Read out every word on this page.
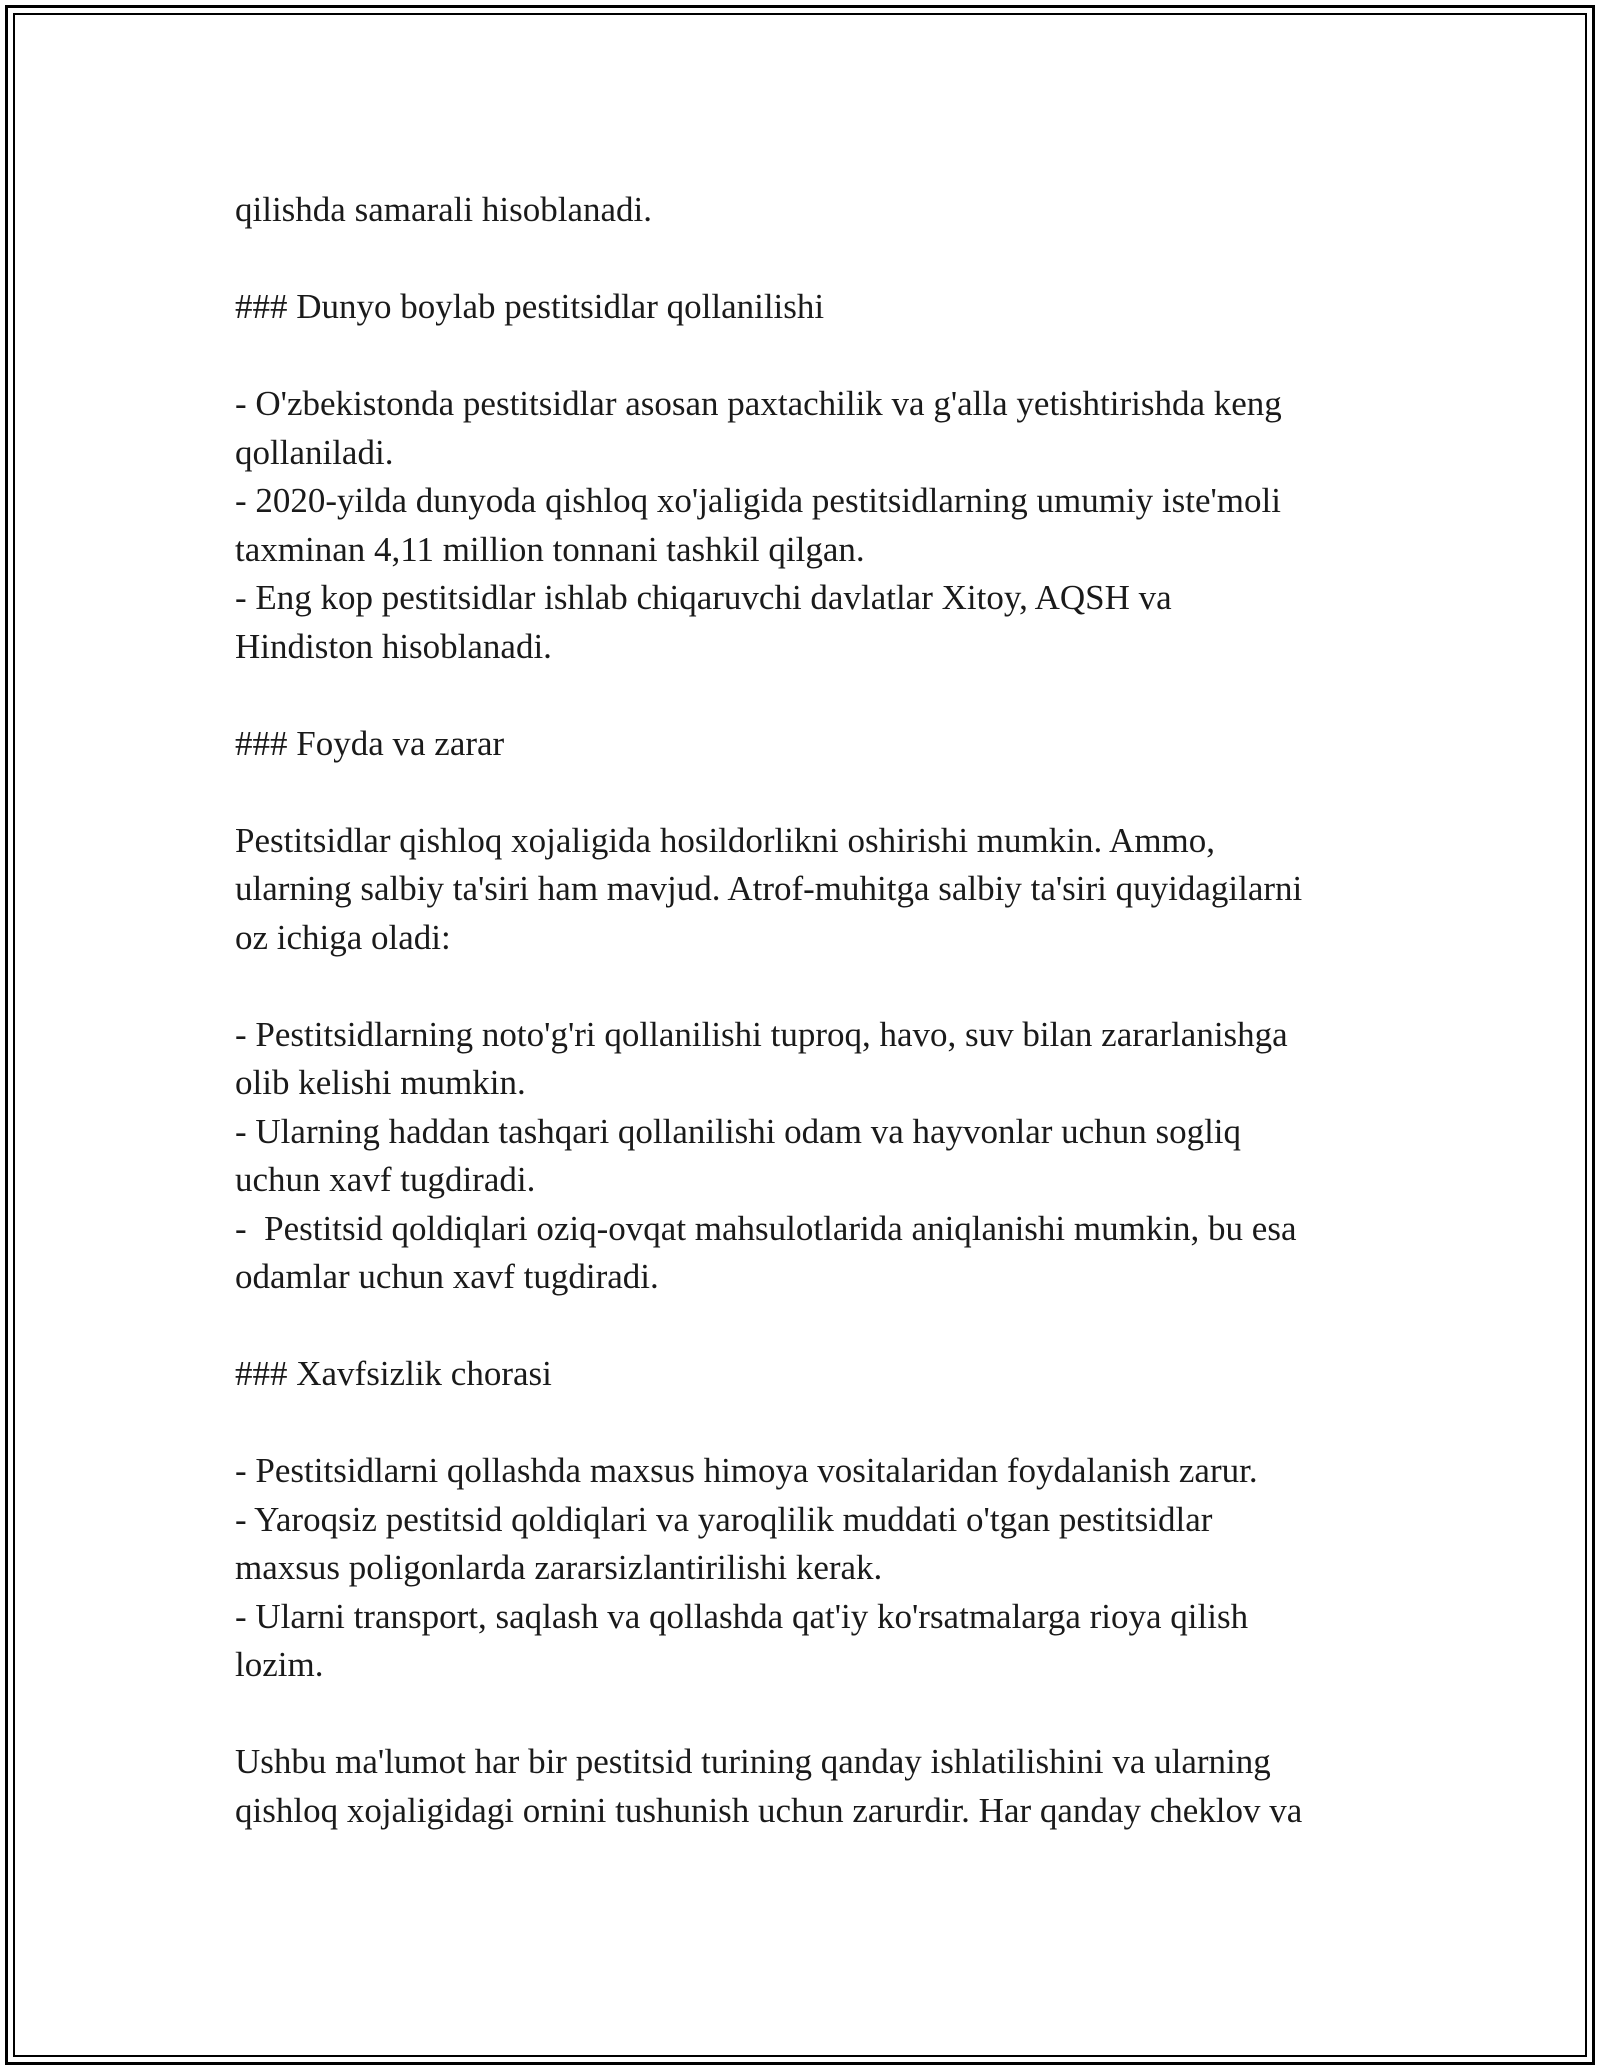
qilishda samarali hisoblanadi.
### Dunyo boylab pestitsidlar qollanilishi
- O'zbekistonda pestitsidlar asosan paxtachilik va g'alla yetishtirishda keng
qollaniladi.
- 2020-yilda dunyoda qishloq xo'jaligida pestitsidlarning umumiy iste'moli
taxminan 4,11 million tonnani tashkil qilgan.
- Eng kop pestitsidlar ishlab chiqaruvchi davlatlar Xitoy, AQSH va
Hindiston hisoblanadi.
### Foyda va zarar
Pestitsidlar qishloq xojaligida hosildorlikni oshirishi mumkin. Ammo,
ularning salbiy ta'siri ham mavjud. Atrof-muhitga salbiy ta'siri quyidagilarni
oz ichiga oladi:
- Pestitsidlarning noto'g'ri qollanilishi tuproq, havo, suv bilan zararlanishga
olib kelishi mumkin.
- Ularning haddan tashqari qollanilishi odam va hayvonlar uchun sogliq
uchun xavf tugdiradi.
-  Pestitsid qoldiqlari oziq-ovqat mahsulotlarida aniqlanishi mumkin, bu esa
odamlar uchun xavf tugdiradi.
### Xavfsizlik chorasi
- Pestitsidlarni qollashda maxsus himoya vositalaridan foydalanish zarur.
- Yaroqsiz pestitsid qoldiqlari va yaroqlilik muddati o'tgan pestitsidlar
maxsus poligonlarda zararsizlantirilishi kerak.
- Ularni transport, saqlash va qollashda qat'iy ko'rsatmalarga rioya qilish
lozim.
Ushbu ma'lumot har bir pestitsid turining qanday ishlatilishini va ularning
qishloq xojaligidagi ornini tushunish uchun zarurdir. Har qanday cheklov va
